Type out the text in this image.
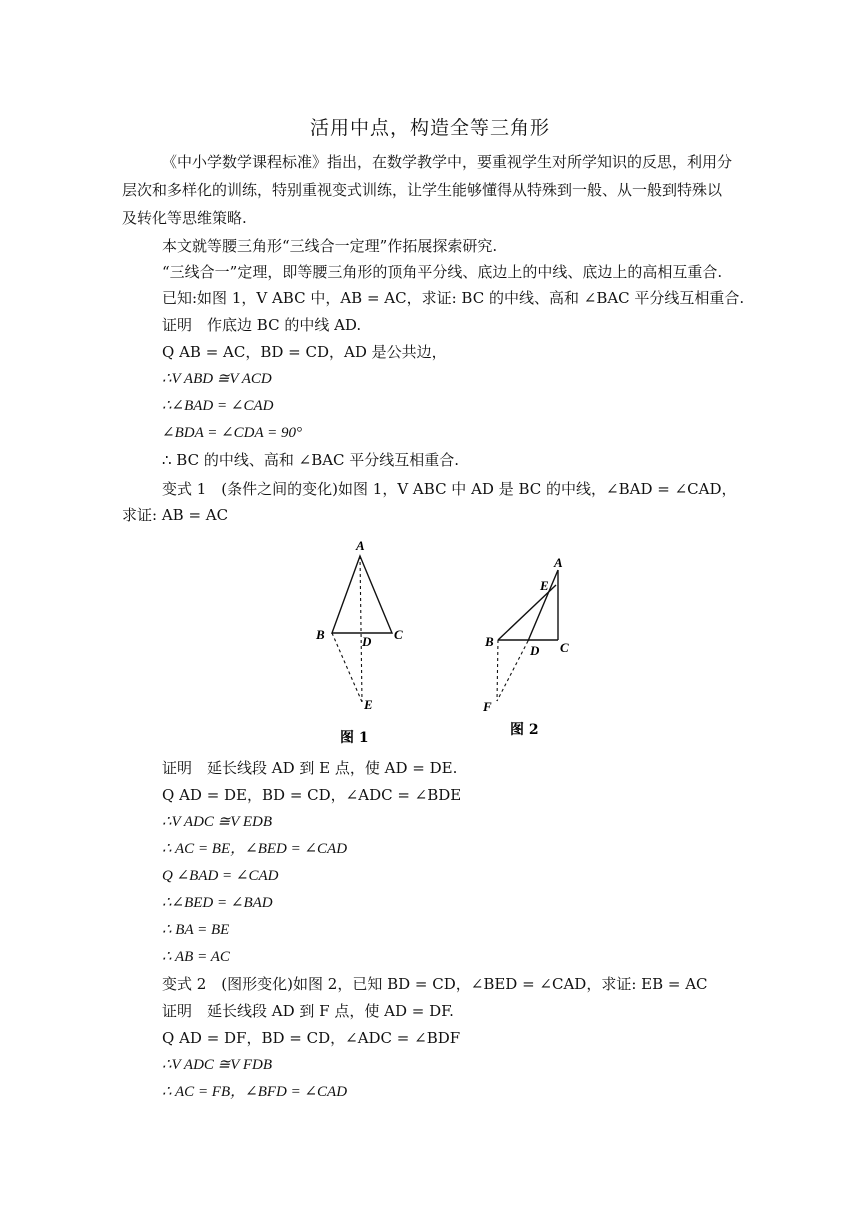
活用中点，构造全等三角形
《中小学数学课程标准》指出，在数学教学中，要重视学生对所学知识的反思，利用分
层次和多样化的训练，特别重视变式训练，让学生能够懂得从特殊到一般、从一般到特殊以
及转化等思维策略.
本文就等腰三角形“三线合一定理”作拓展探索研究.
“三线合一”定理，即等腰三角形的顶角平分线、底边上的中线、底边上的高相互重合.
已知:如图 1，V ABC 中，AB = AC，求证: BC 的中线、高和 ∠BAC 平分线互相重合.
证明　作底边 BC 的中线 AD.
Q AB = AC，BD = CD，AD 是公共边，
∴V ABD ≅V ACD
∴∠BAD = ∠CAD
∠BDA = ∠CDA = 90°
∴ BC 的中线、高和 ∠BAC 平分线互相重合.
变式 1　(条件之间的变化)如图 1，V ABC 中 AD 是 BC 的中线，∠BAD = ∠CAD，
求证: AB = AC
A
B	D C
E
图 1
A
E
B
D C
F
图 2
证明　延长线段 AD 到 E 点，使 AD = DE.
Q AD = DE，BD = CD，∠ADC = ∠BDE
∴V ADC ≅V EDB
∴ AC = BE，∠BED = ∠CAD
Q ∠BAD = ∠CAD
∴∠BED = ∠BAD
∴ BA = BE
∴ AB = AC
变式 2　(图形变化)如图 2，已知 BD = CD，∠BED = ∠CAD，求证: EB = AC
证明　延长线段 AD 到 F 点，使 AD = DF.
Q AD = DF，BD = CD，∠ADC = ∠BDF
∴V ADC ≅V FDB
∴ AC = FB，∠BFD = ∠CAD
